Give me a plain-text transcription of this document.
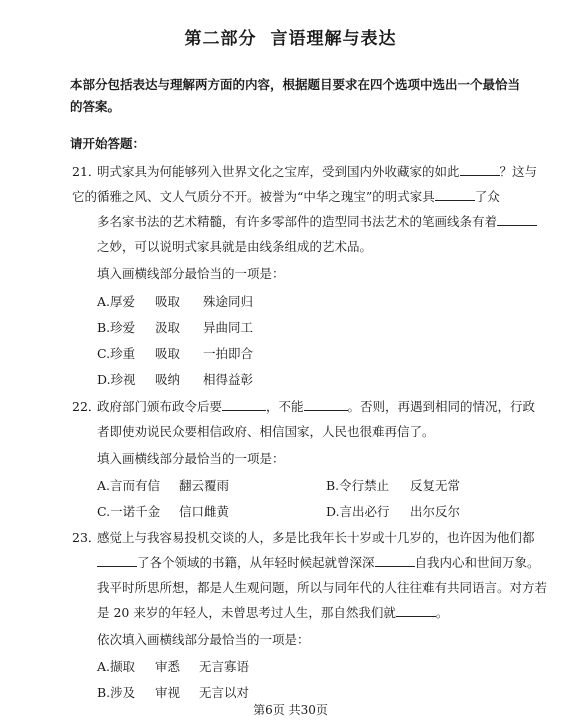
第二部分 言语理解与表达
本部分包括表达与理解两方面的内容，根据题目要求在四个选项中选出一个最恰当的答案。
请开始答题：
21．
明式家具为何能够列入世界文化之宝库，受到国内外收藏家的如此	？这与
它的循雅之风、文人气质分不开。被誉为“中华之瑰宝”的明式家具	了众
多名家书法的艺术精髓，有许多零部件的造型同书法艺术的笔画线条有着
之妙，可以说明式家具就是由线条组成的艺术品。
填入画横线部分最恰当的一项是：
A.厚爱 吸取 殊途同归
B.珍爱 汲取 异曲同工
C.珍重 吸取 一拍即合
D.珍视 吸纳 相得益彰
22．
政府部门颁布政令后要	，不能	。否则，再遇到相同的情况，行政
者即使劝说民众要相信政府、相信国家，人民也很难再信了。
填入画横线部分最恰当的一项是：
A.言而有信 翻云覆雨	B.令行禁止 反复无常
C.一诺千金 信口雌黄	D.言出必行 出尔反尔
23．
感觉上与我容易投机交谈的人，多是比我年长十岁或十几岁的，也许因为他们都
了各个领域的书籍，从年轻时候起就曾深深	自我内心和世间万象。
我平时所思所想，都是人生观问题，所以与同年代的人往往难有共同语言。对方若
是 20 来岁的年轻人，未曾思考过人生，那自然我们就	。
依次填入画横线部分最恰当的一项是：
A.撷取 审悉 无言寡语
B.涉及 审视 无言以对
第6页 共30页
